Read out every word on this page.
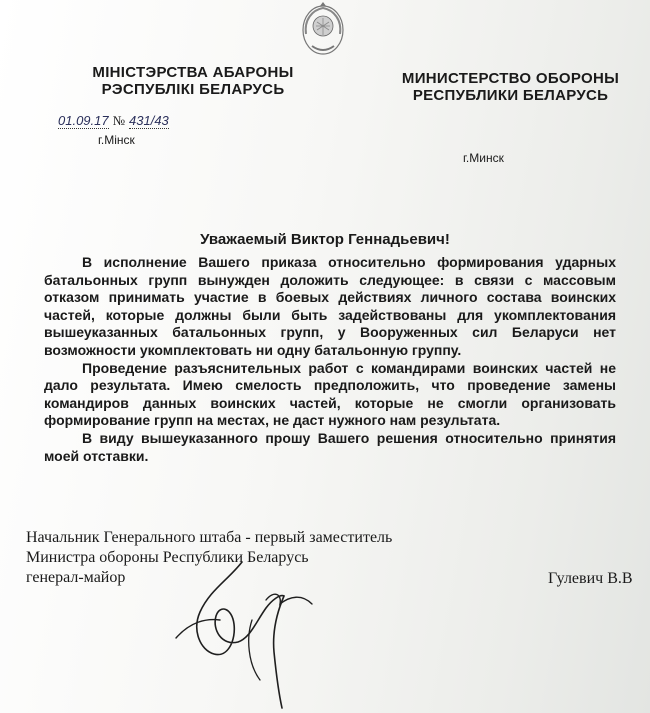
МІНІСТЭРСТВА АБАРОНЫ
РЭСПУБЛІКІ БЕЛАРУСЬ
МИНИСТЕРСТВО ОБОРОНЫ
РЕСПУБЛИКИ БЕЛАРУСЬ
01.09.17 № 431/43
г.Мiнск
г.Минск
Уважаемый Виктор Геннадьевич!

В исполнение Вашего приказа относительно формирования ударных батальонных групп вынужден доложить следующее: в связи с массовым отказом принимать участие в боевых действиях личного состава воинских частей, которые должны были быть задействованы для укомплектования вышеуказанных батальонных групп, у Вооруженных сил Беларуси нет возможности укомплектовать ни одну батальонную группу.

Проведение разъяснительных работ с командирами воинских частей не дало результата. Имею смелость предположить, что проведение замены командиров данных воинских частей, которые не смогли организовать формирование групп на местах, не даст нужного нам результата.

В виду вышеуказанного прошу Вашего решения относительно принятия моей отставки.

Начальник Генерального штаба - первый заместитель
Министра обороны Республики Беларусь
генерал-майор	Гулевич В.В
